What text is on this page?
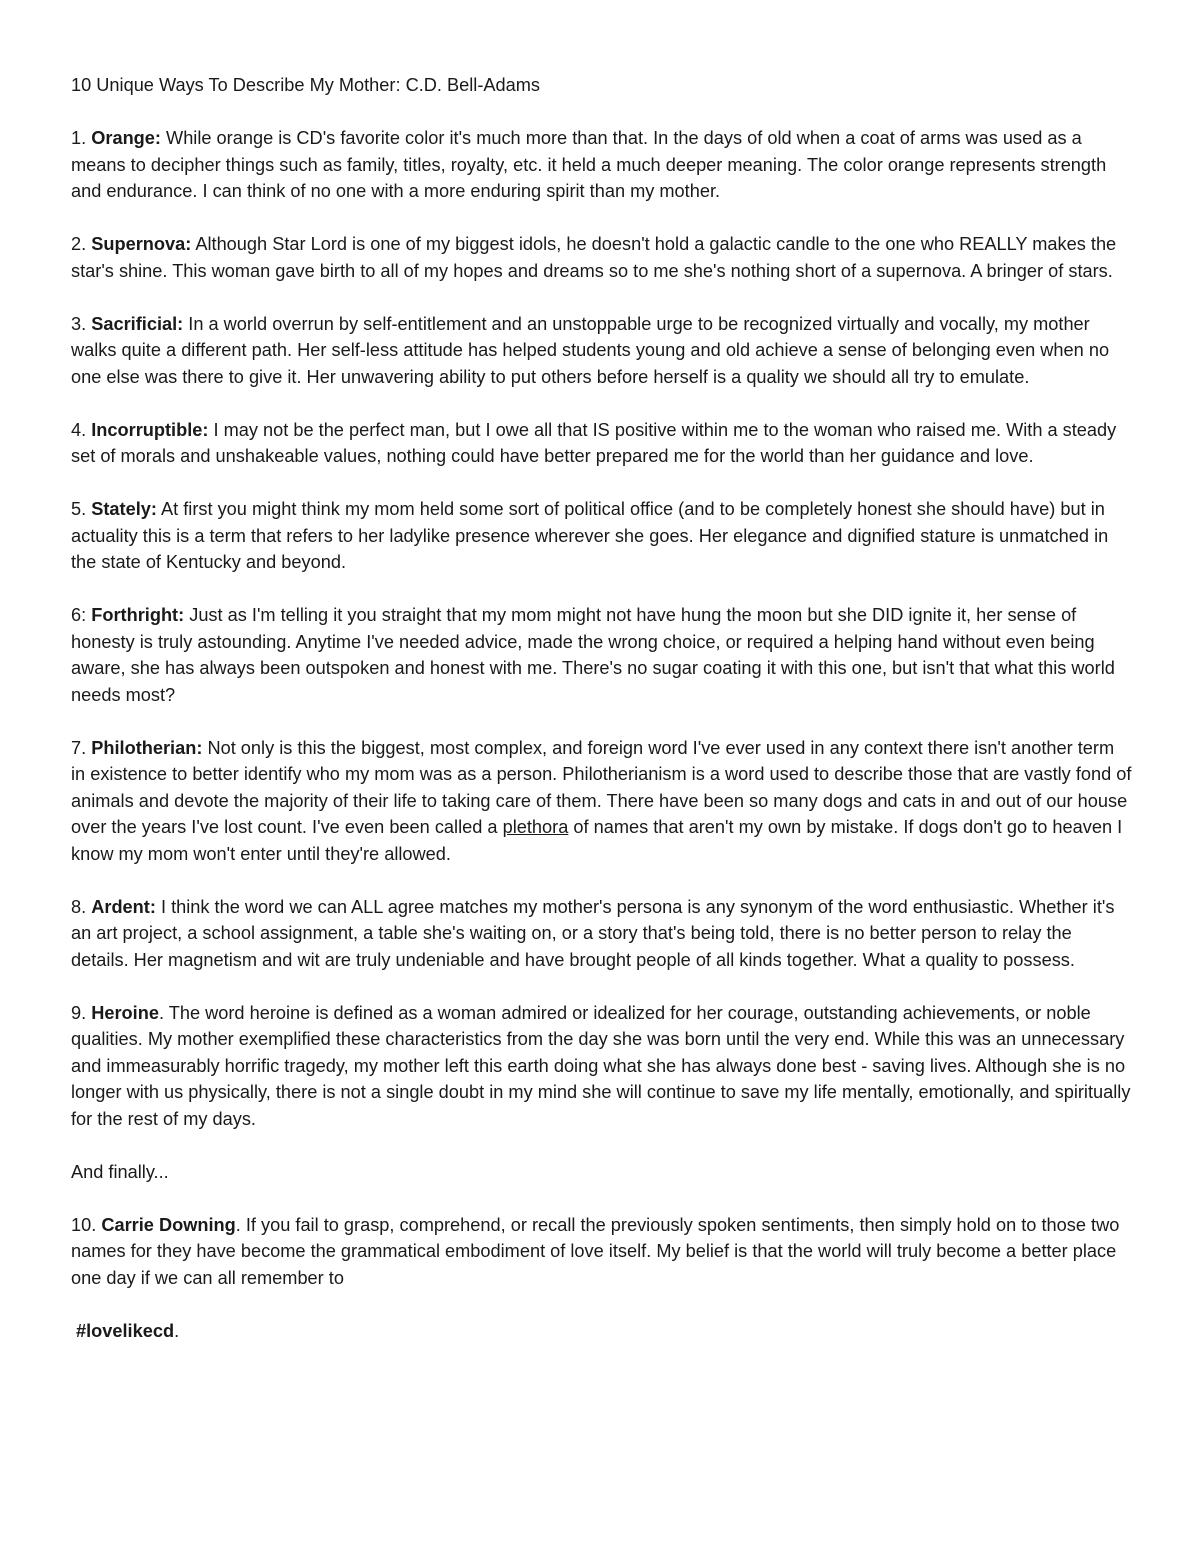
10 Unique Ways To Describe My Mother: C.D. Bell-Adams

1. Orange: While orange is CD's favorite color it's much more than that. In the days of old when a coat of arms was used as a means to decipher things such as family, titles, royalty, etc. it held a much deeper meaning. The color orange represents strength and endurance. I can think of no one with a more enduring spirit than my mother.

2. Supernova: Although Star Lord is one of my biggest idols, he doesn't hold a galactic candle to the one who REALLY makes the star's shine. This woman gave birth to all of my hopes and dreams so to me she's nothing short of a supernova. A bringer of stars.

3. Sacrificial: In a world overrun by self-entitlement and an unstoppable urge to be recognized virtually and vocally, my mother walks quite a different path. Her self-less attitude has helped students young and old achieve a sense of belonging even when no one else was there to give it. Her unwavering ability to put others before herself is a quality we should all try to emulate.

4. Incorruptible: I may not be the perfect man, but I owe all that IS positive within me to the woman who raised me. With a steady set of morals and unshakeable values, nothing could have better prepared me for the world than her guidance and love.

5. Stately: At first you might think my mom held some sort of political office (and to be completely honest she should have) but in actuality this is a term that refers to her ladylike presence wherever she goes. Her elegance and dignified stature is unmatched in the state of Kentucky and beyond.

6: Forthright: Just as I'm telling it you straight that my mom might not have hung the moon but she DID ignite it, her sense of honesty is truly astounding. Anytime I've needed advice, made the wrong choice, or required a helping hand without even being aware, she has always been outspoken and honest with me. There's no sugar coating it with this one, but isn't that what this world needs most?

7. Philotherian: Not only is this the biggest, most complex, and foreign word I've ever used in any context there isn't another term in existence to better identify who my mom was as a person. Philotherianism is a word used to describe those that are vastly fond of animals and devote the majority of their life to taking care of them. There have been so many dogs and cats in and out of our house over the years I've lost count. I've even been called a plethora of names that aren't my own by mistake. If dogs don't go to heaven I know my mom won't enter until they're allowed.

8. Ardent: I think the word we can ALL agree matches my mother's persona is any synonym of the word enthusiastic. Whether it's an art project, a school assignment, a table she's waiting on, or a story that's being told, there is no better person to relay the details. Her magnetism and wit are truly undeniable and have brought people of all kinds together. What a quality to possess.

9. Heroine. The word heroine is defined as a woman admired or idealized for her courage, outstanding achievements, or noble qualities. My mother exemplified these characteristics from the day she was born until the very end. While this was an unnecessary and immeasurably horrific tragedy, my mother left this earth doing what she has always done best - saving lives. Although she is no longer with us physically, there is not a single doubt in my mind she will continue to save my life mentally, emotionally, and spiritually for the rest of my days.

And finally...

10. Carrie Downing. If you fail to grasp, comprehend, or recall the previously spoken sentiments, then simply hold on to those two names for they have become the grammatical embodiment of love itself. My belief is that the world will truly become a better place one day if we can all remember to

#lovelikecd.
